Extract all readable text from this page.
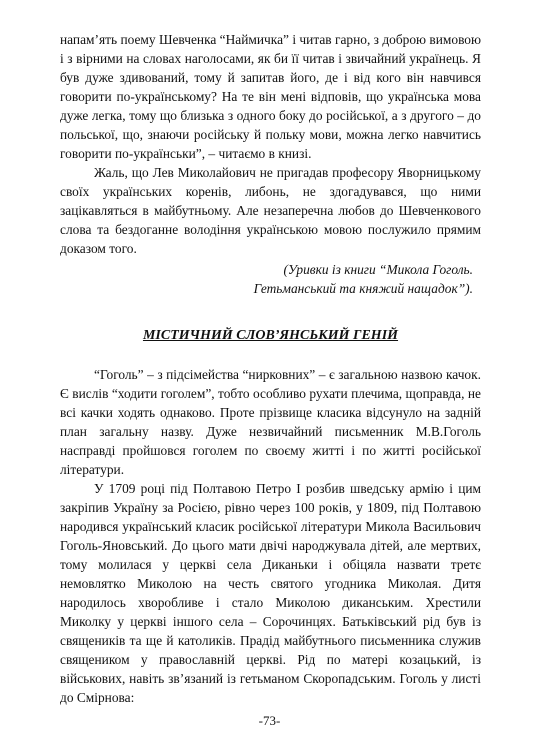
напам’ять поему Шевченка “Наймичка” і читав гарно, з доброю вимовою і з вірними на словах наголосами, як би її читав і звичайний українець. Я був дуже здивований, тому й запитав його, де і від кого він навчився говорити по-українському? На те він мені відповів, що українська мова дуже легка, тому що близька з одного боку до російської, а з другого – до польської, що, знаючи російську й польку мови, можна легко навчитись говорити по-українськи”, – читаємо в книзі.

Жаль, що Лев Миколайович не пригадав професору Яворницькому своїх українських коренів, либонь, не здогадувався, що ними зацікавляться в майбутньому. Але незаперечна любов до Шевченкового слова та бездоганне володіння українською мовою послужило прямим доказом того.

(Уривки із книги “Микола Гоголь.
Гетьманський та княжий нащадок”).
МІСТИЧНИЙ СЛОВ’ЯНСЬКИЙ ГЕНІЙ

“Гоголь” – з підсімейства “нирковних” – є загальною назвою качок. Є вислів “ходити гоголем”, тобто особливо рухати плечима, щоправда, не всі качки ходять однаково. Проте прізвище класика відсунуло на задній план загальну назву. Дуже незвичайний письменник М.В.Гоголь насправді пройшовся гоголем по своєму житті і по житті російської літератури.

У 1709 році під Полтавою Петро І розбив шведську армію і цим закріпив Україну за Росією, рівно через 100 років, у 1809, під Полтавою народився український класик російської літератури Микола Васильович Гоголь-Яновський. До цього мати двічі народжувала дітей, але мертвих, тому молилася у церкві села Диканьки і обіцяла назвати третє немовлятко Миколою на честь святого угодника Миколая. Дитя народилось хворобливе і стало Миколою диканським. Хрестили Миколку у церкві іншого села – Сорочинцях. Батьківський рід був із священиків та ще й католиків. Прадід майбутнього письменника служив священиком у православній церкві. Рід по матері козацький, із військових, навіть зв’язаний із гетьманом Скоропадським. Гоголь у листі до Смірнова:

-73-
